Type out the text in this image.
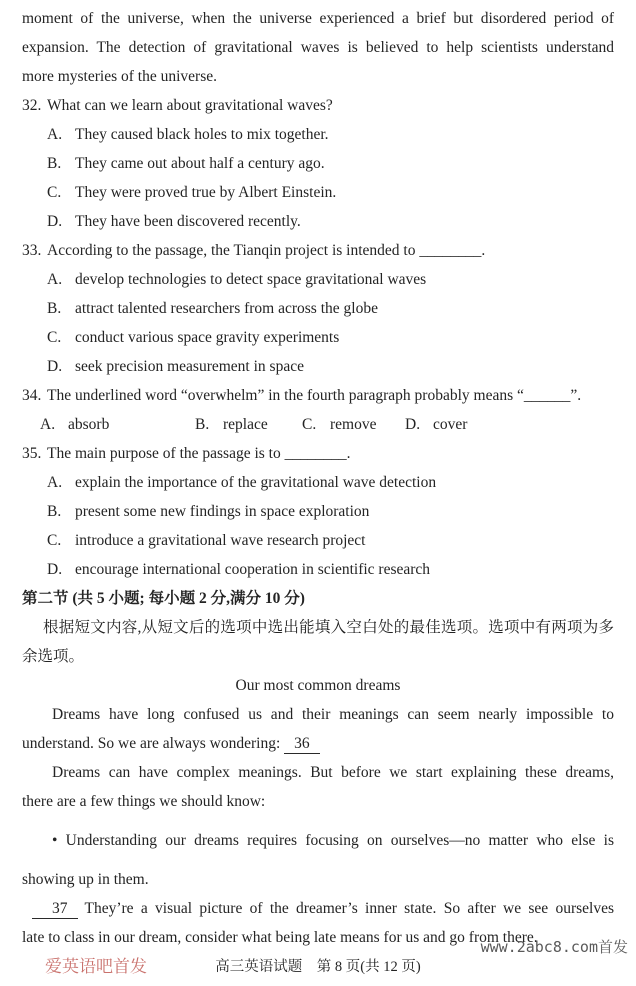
moment of the universe, when the universe experienced a brief but disordered period of
expansion. The detection of gravitational waves is believed to help scientists understand
more mysteries of the universe.
32. What can we learn about gravitational waves?
A. They caused black holes to mix together.
B. They came out about half a century ago.
C. They were proved true by Albert Einstein.
D. They have been discovered recently.
33. According to the passage, the Tianqin project is intended to ________.
A. develop technologies to detect space gravitational waves
B. attract talented researchers from across the globe
C. conduct various space gravity experiments
D. seek precision measurement in space
34. The underlined word “overwhelm” in the fourth paragraph probably means “______”.
A. absorb	B. replace	C. remove	D. cover
35. The main purpose of the passage is to ________.
A. explain the importance of the gravitational wave detection
B. present some new findings in space exploration
C. introduce a gravitational wave research project
D. encourage international cooperation in scientific research
第二节 (共 5 小题; 每小题 2 分,满分 10 分)
根据短文内容,从短文后的选项中选出能填入空白处的最佳选项。选项中有两项为多
余选项。
Our most common dreams
Dreams have long confused us and their meanings can seem nearly impossible to
understand. So we are always wondering: 36
Dreams can have complex meanings. But before we start explaining these dreams,
there are a few things we should know:
• Understanding our dreams requires focusing on ourselves—no matter who else is
showing up in them.
37 They’re a visual picture of the dreamer’s inner state. So after we see ourselves
late to class in our dream, consider what being late means for us and go from there.
爱英语吧首发	高三英语试题　第 8 页(共 12 页)
www.2abc8.com首发
